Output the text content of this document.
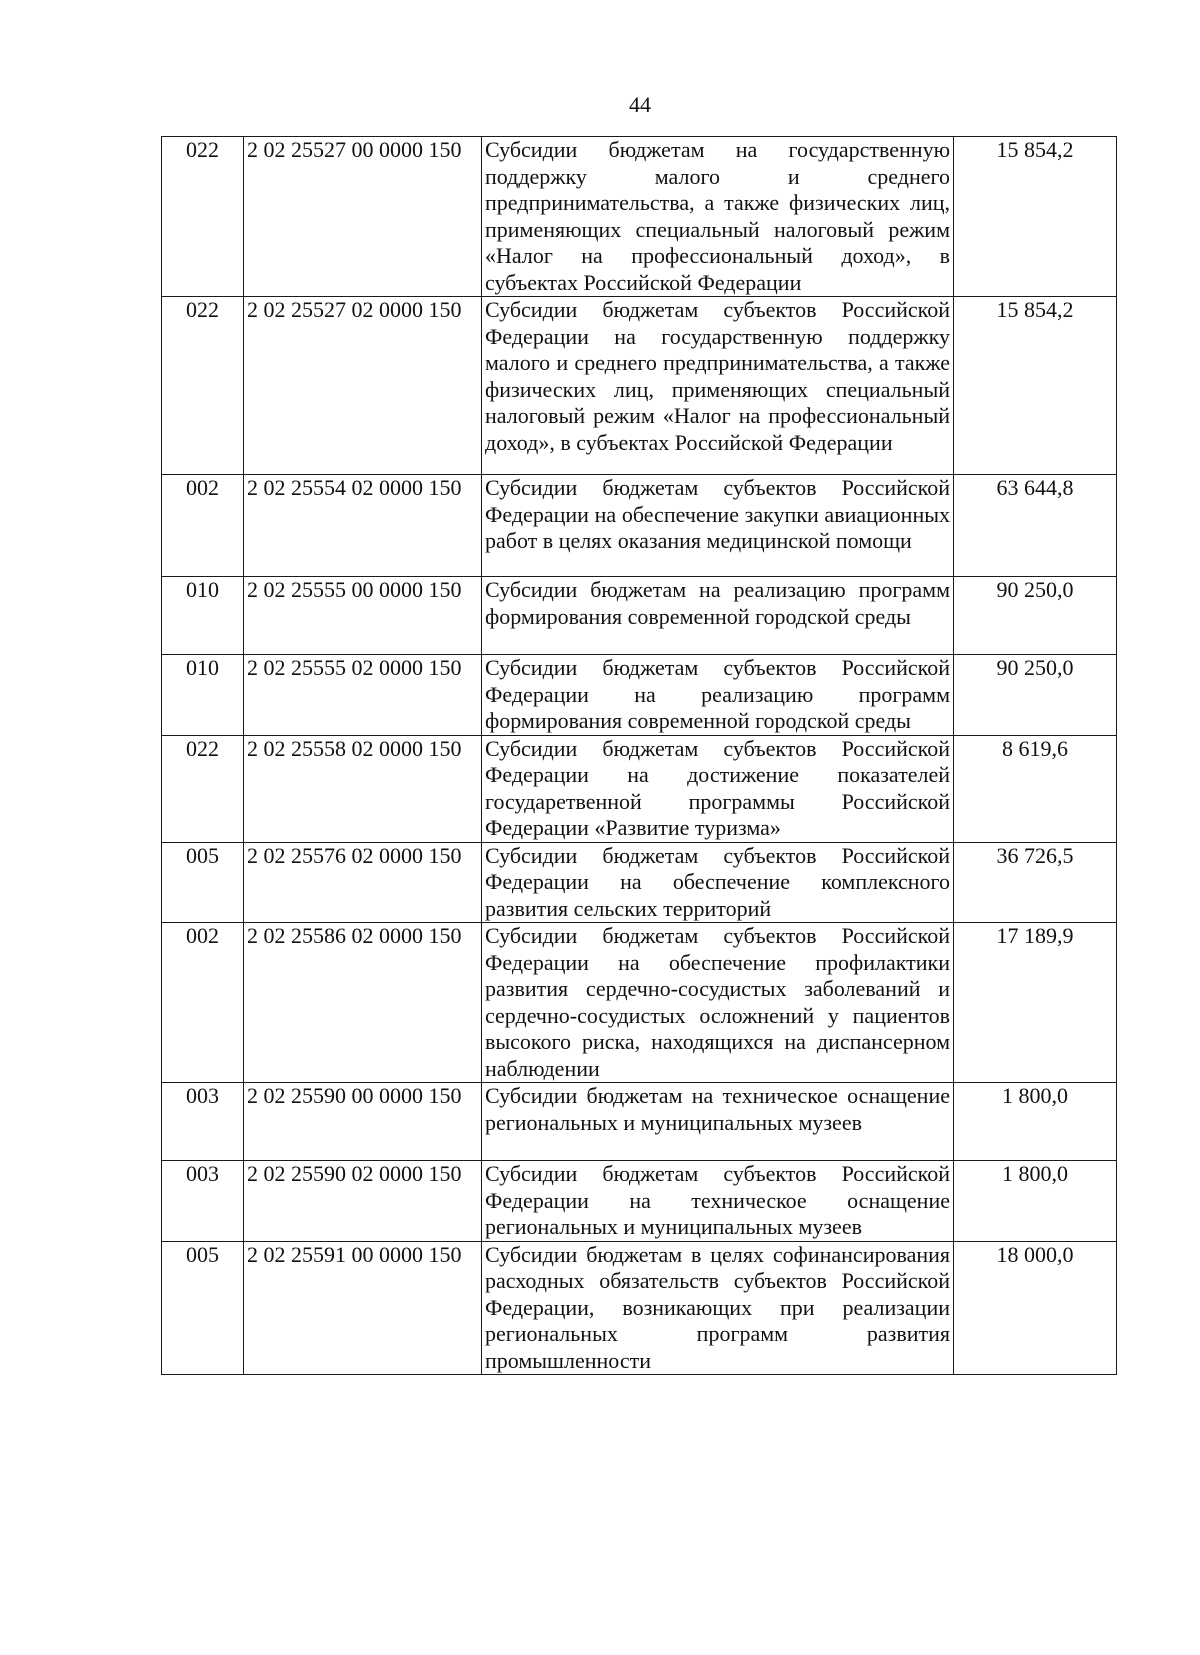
44
022	2 02 25527 00 0000 150	Субсидии бюджетам на государственную поддержку малого и среднего предпринимательства, а также физических лиц, применяющих специальный налоговый режим «Налог на профессиональный доход», в субъектах Российской Федерации	15 854,2
022	2 02 25527 02 0000 150	Субсидии бюджетам субъектов Российской Федерации на государственную поддержку малого и среднего предпринимательства, а также физических лиц, применяющих специальный налоговый режим «Налог на профессиональный доход», в субъектах Российской Федерации	15 854,2
002	2 02 25554 02 0000 150	Субсидии бюджетам субъектов Российской Федерации на обеспечение закупки авиационных работ в целях оказания медицинской помощи	63 644,8
010	2 02 25555 00 0000 150	Субсидии бюджетам на реализацию программ формирования современной городской среды	90 250,0
010	2 02 25555 02 0000 150	Субсидии бюджетам субъектов Российской Федерации на реализацию программ формирования современной городской среды	90 250,0
022	2 02 25558 02 0000 150	Субсидии бюджетам субъектов Российской Федерации на достижение показателей государетвенной программы Российской Федерации «Развитие туризма»	8 619,6
005	2 02 25576 02 0000 150	Субсидии бюджетам субъектов Российской Федерации на обеспечение комплексного развития сельских территорий	36 726,5
002	2 02 25586 02 0000 150	Субсидии бюджетам субъектов Российской Федерации на обеспечение профилактики развития сердечно-сосудистых заболеваний и сердечно-сосудистых осложнений у пациентов высокого риска, находящихся на диспансерном наблюдении	17 189,9
003	2 02 25590 00 0000 150	Субсидии бюджетам на техническое оснащение региональных и муниципальных музеев	1 800,0
003	2 02 25590 02 0000 150	Субсидии бюджетам субъектов Российской Федерации на техническое оснащение региональных и муниципальных музеев	1 800,0
005	2 02 25591 00 0000 150	Субсидии бюджетам в целях софинансирования расходных обязательств субъектов Российской Федерации, возникающих при реализации региональных программ развития промышленности	18 000,0
